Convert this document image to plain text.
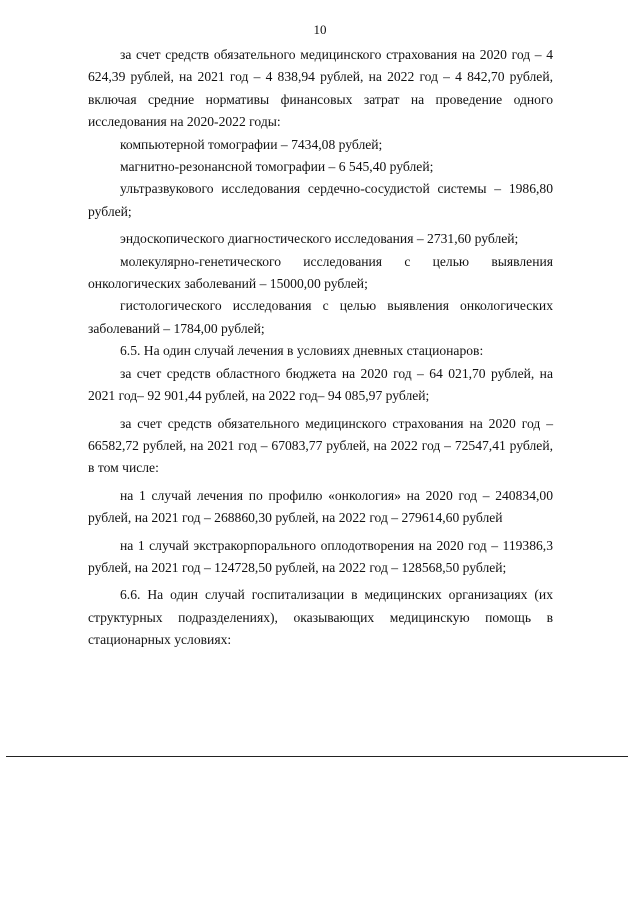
10

за счет средств обязательного медицинского страхования на 2020 год – 4 624,39 рублей, на 2021 год – 4 838,94 рублей, на 2022 год – 4 842,70 рублей, включая средние нормативы финансовых затрат на проведение одного исследования на 2020-2022 годы:

компьютерной томографии – 7434,08 рублей;

магнитно-резонансной томографии – 6 545,40 рублей;

ультразвукового исследования сердечно-сосудистой системы – 1986,80 рублей;

эндоскопического диагностического исследования – 2731,60 рублей;

молекулярно-генетического исследования с целью выявления онкологических заболеваний – 15000,00 рублей;

гистологического исследования с целью выявления онкологических заболеваний – 1784,00 рублей;

6.5. На один случай лечения в условиях дневных стационаров:

за счет средств областного бюджета на 2020 год – 64 021,70 рублей, на 2021 год– 92 901,44 рублей, на 2022 год– 94 085,97 рублей;

за счет средств обязательного медицинского страхования на 2020 год – 66582,72 рублей, на 2021 год – 67083,77 рублей, на 2022 год – 72547,41 рублей, в том числе:

на 1 случай лечения по профилю «онкология» на 2020 год – 240834,00 рублей, на 2021 год – 268860,30 рублей, на 2022 год – 279614,60 рублей

на 1 случай экстракорпорального оплодотворения на 2020 год – 119386,3 рублей, на 2021 год – 124728,50 рублей, на 2022 год – 128568,50 рублей;

6.6. На один случай госпитализации в медицинских организациях (их структурных подразделениях), оказывающих медицинскую помощь в стационарных условиях:
